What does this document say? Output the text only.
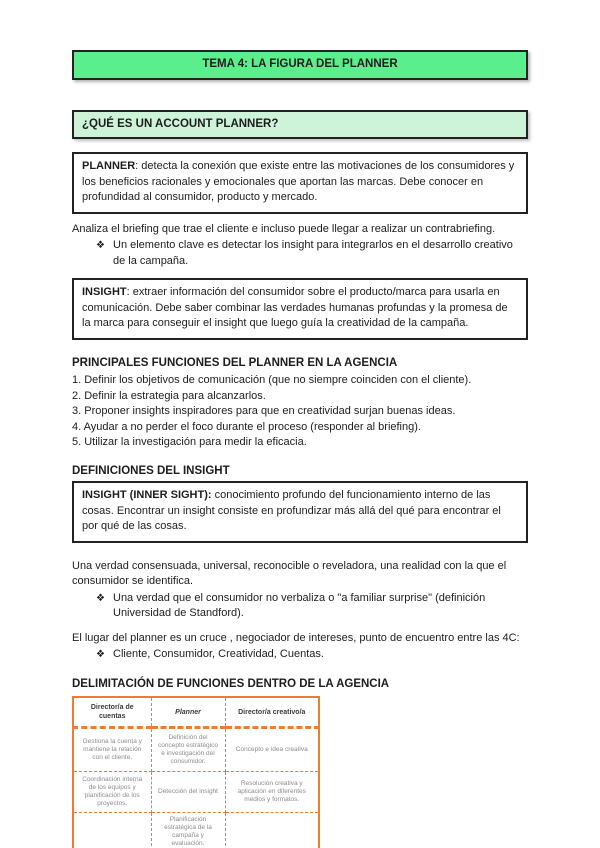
TEMA 4: LA FIGURA DEL PLANNER
¿QUÉ ES UN ACCOUNT PLANNER?
PLANNER: detecta la conexión que existe entre las motivaciones de los consumidores y los beneficios racionales y emocionales que aportan las marcas. Debe conocer en profundidad al consumidor, producto y mercado.

Analiza el briefing que trae el cliente e incluso puede llegar a realizar un contrabriefing.

❖ Un elemento clave es detectar los insight para integrarlos en el desarrollo creativo de la campaña.
INSIGHT: extraer información del consumidor sobre el producto/marca para usarla en comunicación. Debe saber combinar las verdades humanas profundas y la promesa de la marca para conseguir el insight que luego guía la creatividad de la campaña.
PRINCIPALES FUNCIONES DEL PLANNER EN LA AGENCIA
1. Definir los objetivos de comunicación (que no siempre coinciden con el cliente).
2. Definir la estrategia para alcanzarlos.
3. Proponer insights inspiradores para que en creatividad surjan buenas ideas.
4. Ayudar a no perder el foco durante el proceso (responder al briefing).
5. Utilizar la investigación para medir la eficacia.
DEFINICIONES DEL INSIGHT
INSIGHT (INNER SIGHT): conocimiento profundo del funcionamiento interno de las cosas. Encontrar un insight consiste en profundizar más allá del qué para encontrar el por qué de las cosas.

Una verdad consensuada, universal, reconocible o reveladora, una realidad con la que el consumidor se identifica.

❖ Una verdad que el consumidor no verbaliza o "a familiar surprise" (definición Universidad de Standford).

El lugar del planner es un cruce , negociador de intereses, punto de encuentro entre las 4C:

❖ Cliente, Consumidor, Creatividad, Cuentas.
DELIMITACIÓN DE FUNCIONES DENTRO DE LA AGENCIA
Director/a de cuentas	Planner	Director/a creativo/a
Gestiona la cuenta y mantiene la relación con el cliente.	Definición del concepto estratégico e investigación del consumidor.	Concepto e idea creativa
Coordinación interna de los equipos y planificación de los proyectos.	Detección del insight	Resolución creativa y aplicación en diferentes medios y formatos.
	Planificación estratégica de la campaña y evaluación.	
